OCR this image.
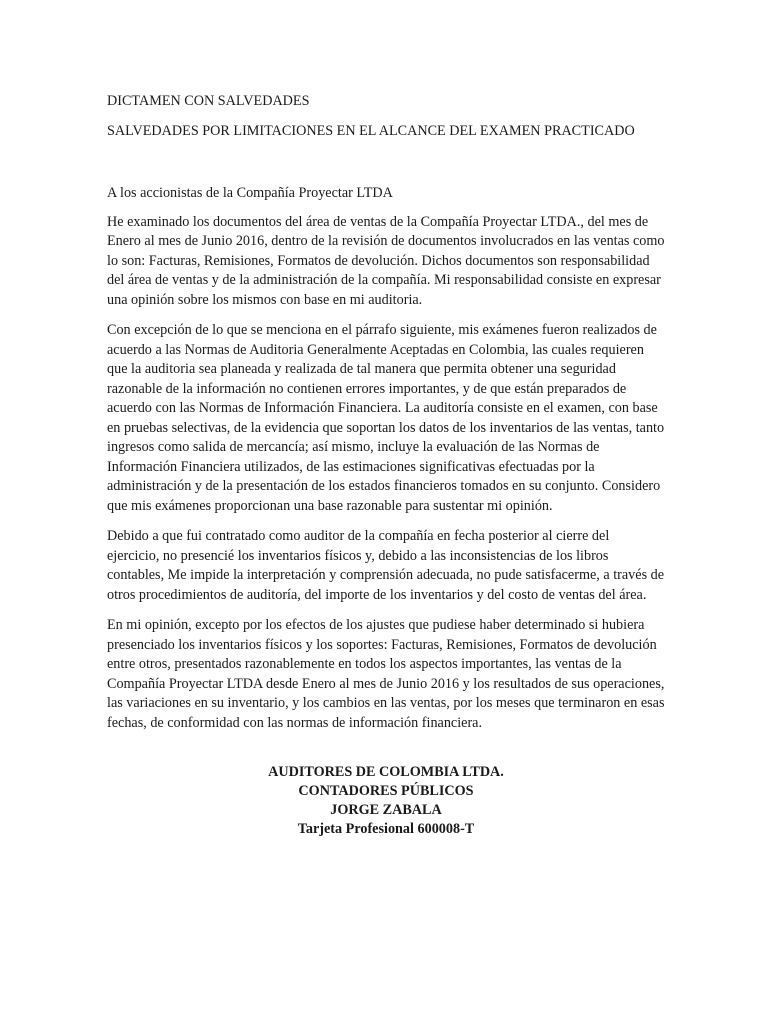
DICTAMEN CON SALVEDADES

SALVEDADES POR LIMITACIONES EN EL ALCANCE DEL EXAMEN PRACTICADO

A los accionistas de la Compañía Proyectar LTDA

He examinado los documentos del área de ventas de la Compañía Proyectar LTDA., del mes de Enero al mes de Junio 2016, dentro de la revisión de documentos involucrados en las ventas como lo son: Facturas, Remisiones, Formatos de devolución. Dichos documentos son responsabilidad del área de ventas y de la administración de la compañía. Mi responsabilidad consiste en expresar una opinión sobre los mismos con base en mi auditoria.

Con excepción de lo que se menciona en el párrafo siguiente, mis exámenes fueron realizados de acuerdo a las Normas de Auditoria Generalmente Aceptadas en Colombia, las cuales requieren que la auditoria sea planeada y realizada de tal manera que permita obtener una seguridad razonable de la información no contienen errores importantes, y de que están preparados de acuerdo con las Normas de Información Financiera. La auditoría consiste en el examen, con base en pruebas selectivas, de la evidencia que soportan los datos de los inventarios de las ventas, tanto ingresos como salida de mercancía; así mismo, incluye la evaluación de las Normas de Información Financiera utilizados, de las estimaciones significativas efectuadas por la administración y de la presentación de los estados financieros tomados en su conjunto. Considero que mis exámenes proporcionan una base razonable para sustentar mi opinión.

Debido a que fui contratado como auditor de la compañía en fecha posterior al cierre del ejercicio, no presencié los inventarios físicos y, debido a las inconsistencias de los libros contables, Me impide la interpretación y comprensión adecuada, no pude satisfacerme, a través de otros procedimientos de auditoría, del importe de los inventarios y del costo de ventas del área.

En mi opinión, excepto por los efectos de los ajustes que pudiese haber determinado si hubiera presenciado los inventarios físicos y los soportes: Facturas, Remisiones, Formatos de devolución entre otros, presentados razonablemente en todos los aspectos importantes, las ventas de la Compañía Proyectar LTDA desde Enero al mes de Junio 2016 y los resultados de sus operaciones, las variaciones en su inventario, y los cambios en las ventas, por los meses que terminaron en esas fechas, de conformidad con las normas de información financiera.

AUDITORES DE COLOMBIA LTDA.
CONTADORES PÚBLICOS
JORGE ZABALA
Tarjeta Profesional 600008-T
